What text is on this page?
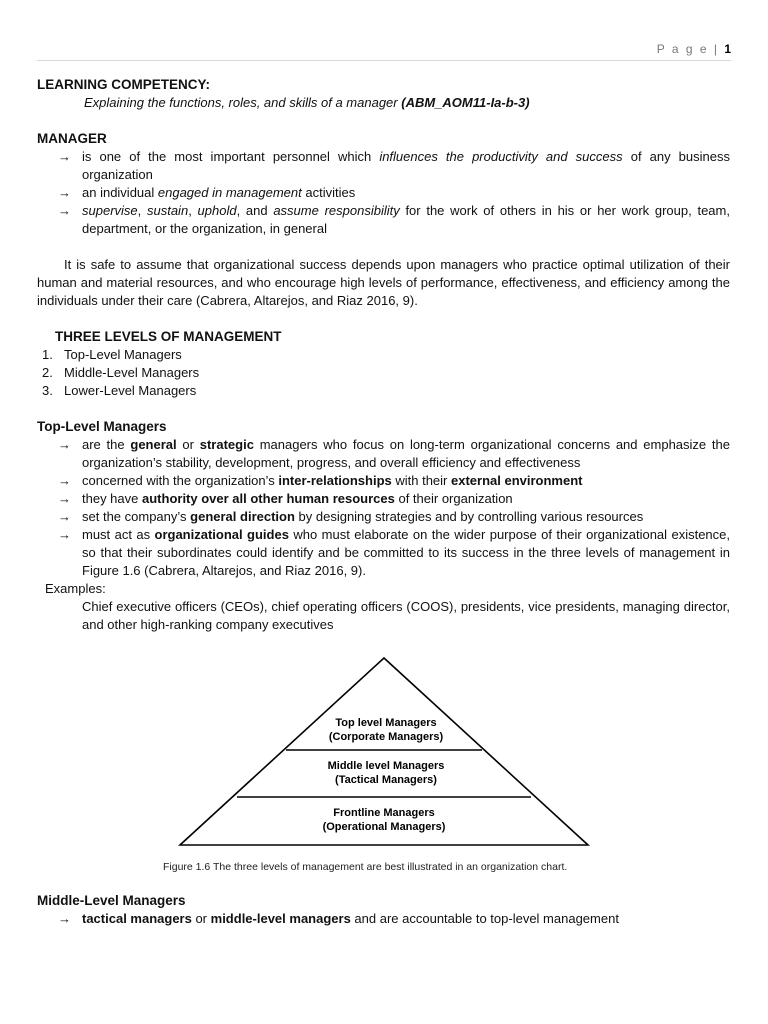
P a g e | 1

LEARNING COMPETENCY:

Explaining the functions, roles, and skills of a manager (ABM_AOM11-Ia-b-3)

MANAGER

→ is one of the most important personnel which influences the productivity and success of any business organization
→ an individual engaged in management activities
→ supervise, sustain, uphold, and assume responsibility for the work of others in his or her work group, team, department, or the organization, in general

It is safe to assume that organizational success depends upon managers who practice optimal utilization of their human and material resources, and who encourage high levels of performance, effectiveness, and efficiency among the individuals under their care (Cabrera, Altarejos, and Riaz 2016, 9).

THREE LEVELS OF MANAGEMENT

1. Top-Level Managers
2. Middle-Level Managers
3. Lower-Level Managers

Top-Level Managers

→ are the general or strategic managers who focus on long-term organizational concerns and emphasize the organization’s stability, development, progress, and overall efficiency and effectiveness
→ concerned with the organization’s inter-relationships with their external environment
→ they have authority over all other human resources of their organization
→ set the company’s general direction by designing strategies and by controlling various resources
→ must act as organizational guides who must elaborate on the wider purpose of their organizational existence, so that their subordinates could identify and be committed to its success in the three levels of management in Figure 1.6 (Cabrera, Altarejos, and Riaz 2016, 9).
Examples:
Chief executive officers (CEOs), chief operating officers (COOS), presidents, vice presidents, managing director, and other high-ranking company executives
Top level Managers
(Corporate Managers)
Middle level Managers
(Tactical Managers)
Frontline Managers
(Operational Managers)
Figure 1.6 The three levels of management are best illustrated in an organization chart.

Middle-Level Managers

→ tactical managers or middle-level managers and are accountable to top-level management
